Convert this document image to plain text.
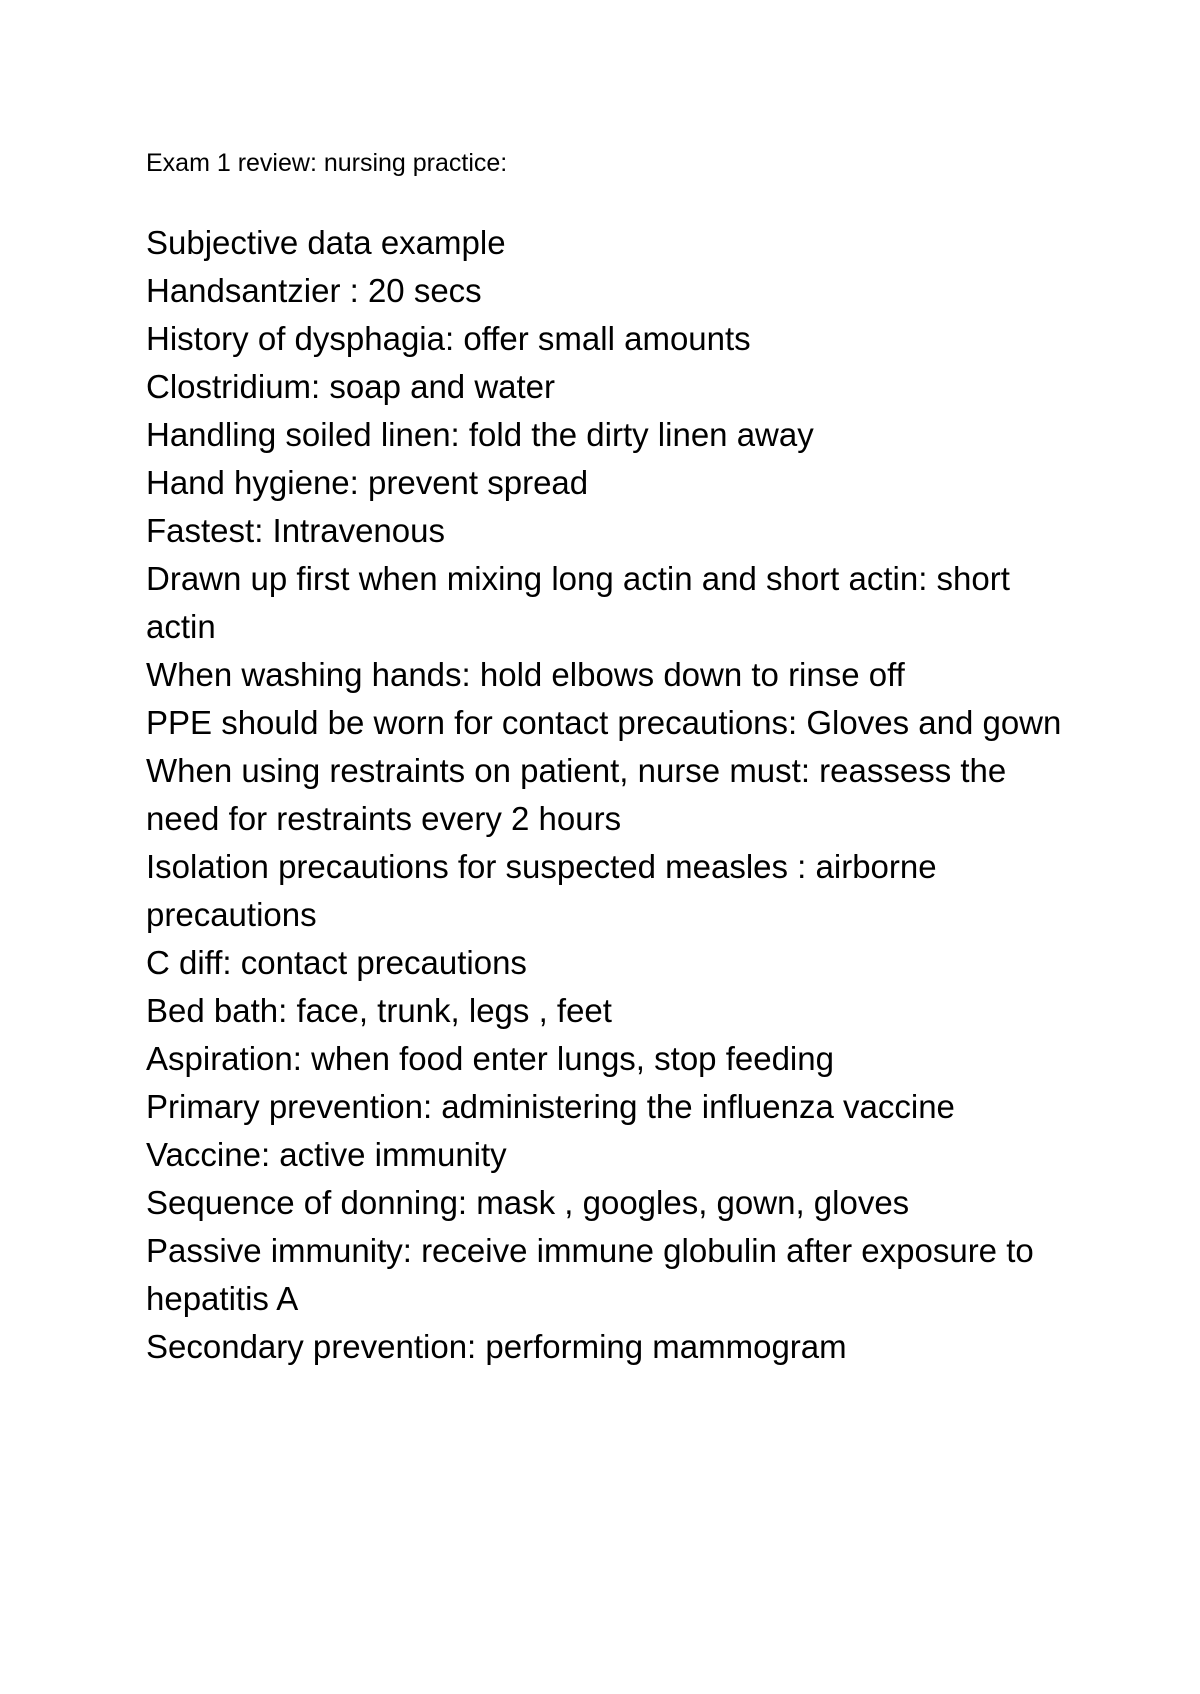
Exam 1 review: nursing practice:
Subjective data example
Handsantzier : 20 secs
History of dysphagia: offer small amounts
Clostridium: soap and water
Handling soiled linen: fold the dirty linen away
Hand hygiene: prevent spread
Fastest: Intravenous
Drawn up first when mixing long actin and short actin: short actin
When washing hands: hold elbows down to rinse off
PPE should be worn for contact precautions: Gloves and gown
When using restraints on patient, nurse must: reassess the need for restraints every 2 hours
Isolation precautions for suspected measles : airborne precautions
C diff: contact precautions
Bed bath: face, trunk, legs , feet
Aspiration: when food enter lungs, stop feeding
Primary prevention: administering the influenza vaccine
Vaccine: active immunity
Sequence of donning: mask , googles, gown, gloves
Passive immunity: receive immune globulin after exposure to hepatitis A
Secondary prevention: performing mammogram
